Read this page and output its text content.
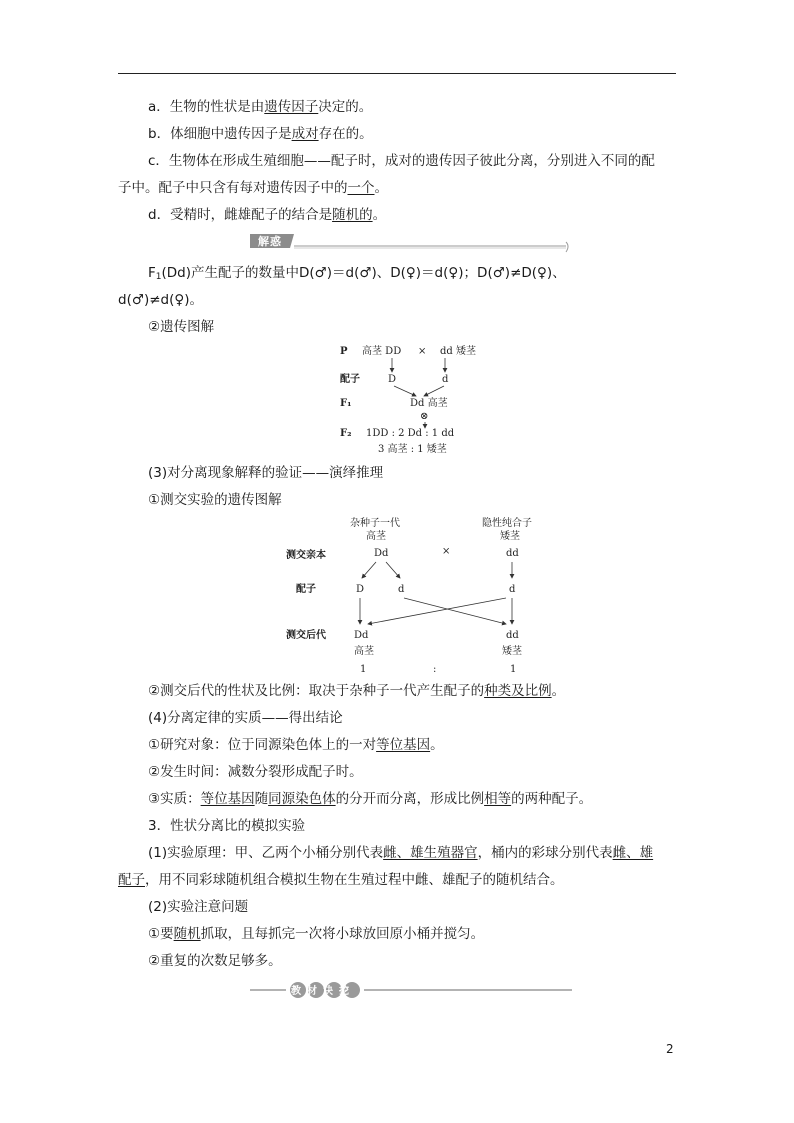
a．生物的性状是由遗传因子决定的。
b．体细胞中遗传因子是成对存在的。
c．生物体在形成生殖细胞——配子时，成对的遗传因子彼此分离，分别进入不同的配
子中。配子中只含有每对遗传因子中的一个。
d．受精时，雌雄配子的结合是随机的。
解惑
$F_1(Dd)$产生配子的数量中D(♂)＝d(♂)、D(♀)＝d(♀)；D(♂)≠D(♀)、
d(♂)≠d(♀)。
②遗传图解
P 高茎 DD × dd 矮茎
配子	D	d
F₁	Dd 高茎
⊗
F₂ 1DD : 2 Dd : 1 dd
3 高茎 : 1 矮茎
(3)对分离现象解释的验证——演绎推理
①测交实验的遗传图解
杂种子一代
高茎
隐性纯合子
矮茎
测交亲本	Dd	×	dd
配子	D	d	d
测交后代	Dd	dd
高茎	矮茎
1	:	1
②测交后代的性状及比例：取决于杂种子一代产生配子的种类及比例。
(4)分离定律的实质——得出结论
①研究对象：位于同源染色体上的一对等位基因。
②发生时间：减数分裂形成配子时。
③实质：等位基因随同源染色体的分开而分离，形成比例相等的两种配子。
3．性状分离比的模拟实验
(1)实验原理：甲、乙两个小桶分别代表雌、雄生殖器官，桶内的彩球分别代表雌、雄
配子，用不同彩球随机组合模拟生物在生殖过程中雌、雄配子的随机结合。
(2)实验注意问题
①要随机抓取，且每抓完一次将小球放回原小桶并搅匀。
②重复的次数足够多。
教材诀挖
2
